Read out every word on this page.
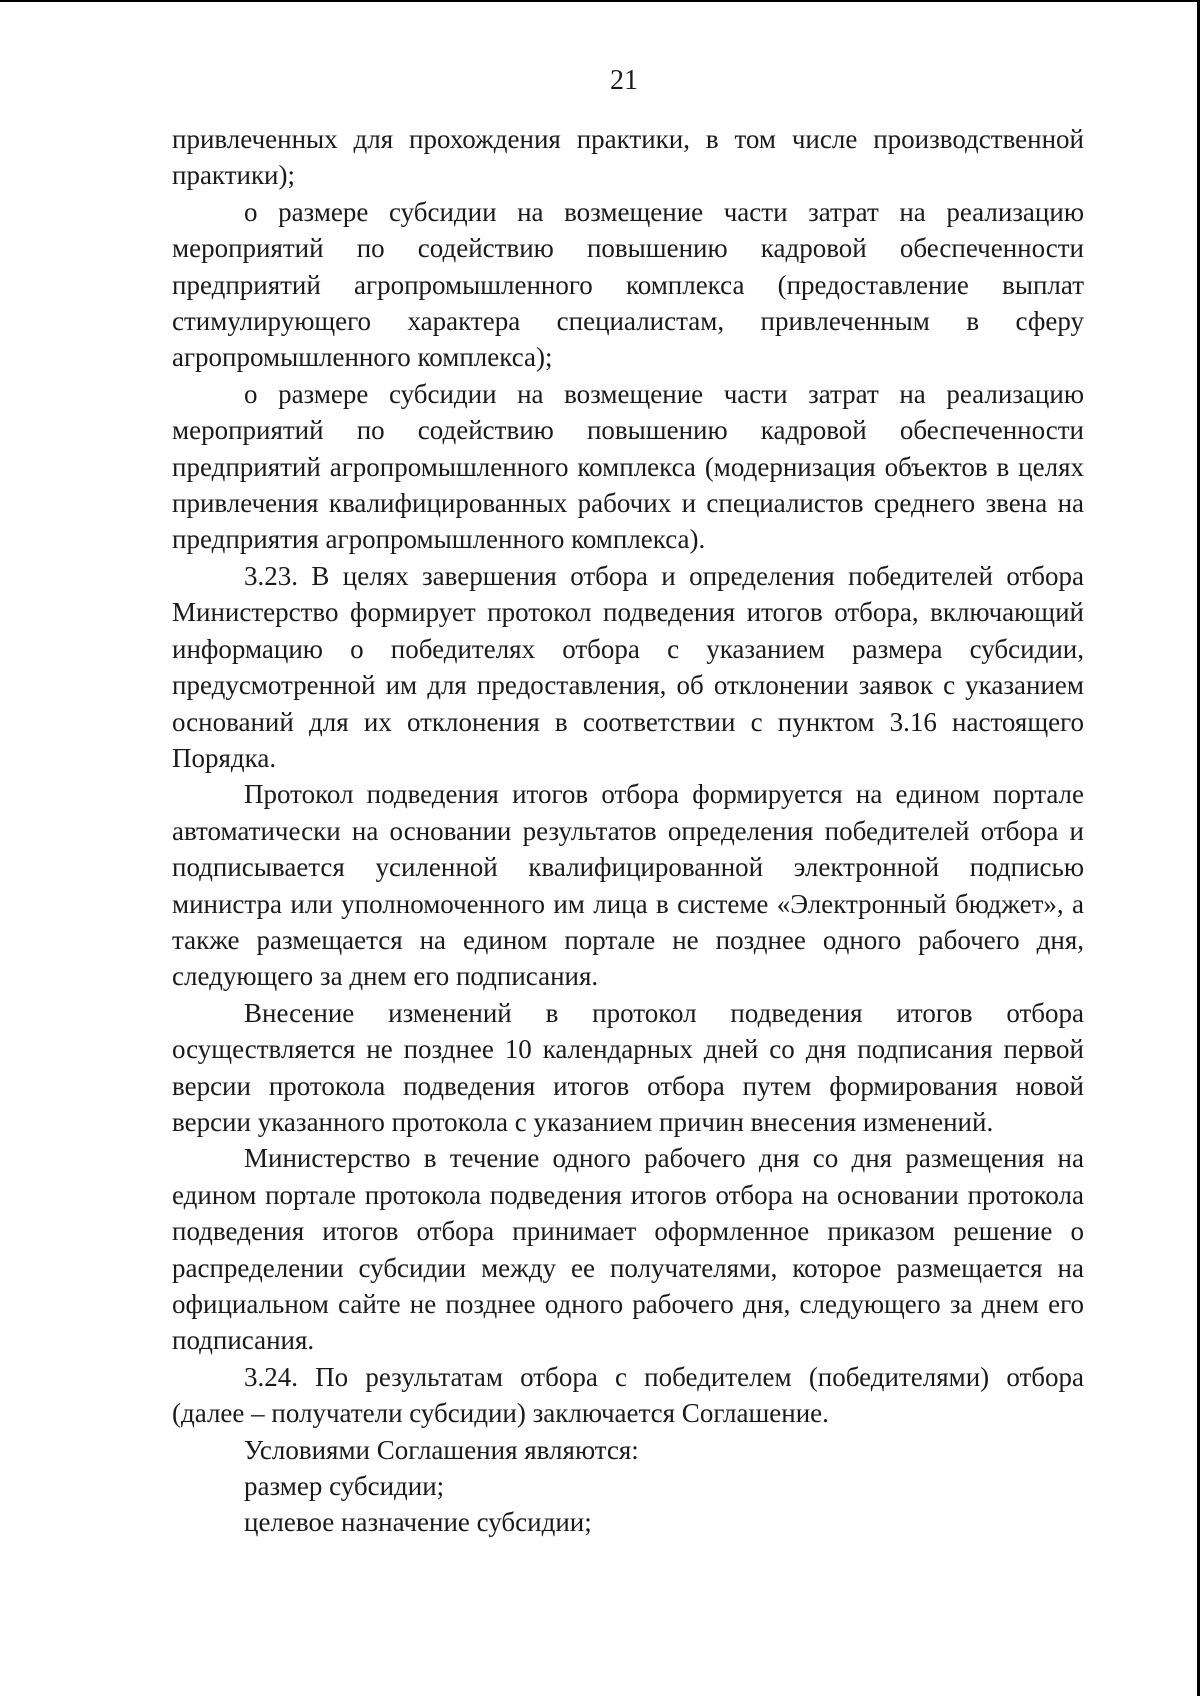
21

привлеченных для прохождения практики, в том числе производственной практики);

о размере субсидии на возмещение части затрат на реализацию мероприятий по содействию повышению кадровой обеспеченности предприятий агропромышленного комплекса (предоставление выплат стимулирующего характера специалистам, привлеченным в сферу агропромышленного комплекса);

о размере субсидии на возмещение части затрат на реализацию мероприятий по содействию повышению кадровой обеспеченности предприятий агропромышленного комплекса (модернизация объектов в целях привлечения квалифицированных рабочих и специалистов среднего звена на предприятия агропромышленного комплекса).

3.23. В целях завершения отбора и определения победителей отбора Министерство формирует протокол подведения итогов отбора, включающий информацию о победителях отбора с указанием размера субсидии, предусмотренной им для предоставления, об отклонении заявок с указанием оснований для их отклонения в соответствии с пунктом 3.16 настоящего Порядка.

Протокол подведения итогов отбора формируется на едином портале автоматически на основании результатов определения победителей отбора и подписывается усиленной квалифицированной электронной подписью министра или уполномоченного им лица в системе «Электронный бюджет», а также размещается на едином портале не позднее одного рабочего дня, следующего за днем его подписания.

Внесение изменений в протокол подведения итогов отбора осуществляется не позднее 10 календарных дней со дня подписания первой версии протокола подведения итогов отбора путем формирования новой версии указанного протокола с указанием причин внесения изменений.

Министерство в течение одного рабочего дня со дня размещения на едином портале протокола подведения итогов отбора на основании протокола подведения итогов отбора принимает оформленное приказом решение о распределении субсидии между ее получателями, которое размещается на официальном сайте не позднее одного рабочего дня, следующего за днем его подписания.

3.24. По результатам отбора с победителем (победителями) отбора (далее – получатели субсидии) заключается Соглашение.

Условиями Соглашения являются:

размер субсидии;

целевое назначение субсидии;
